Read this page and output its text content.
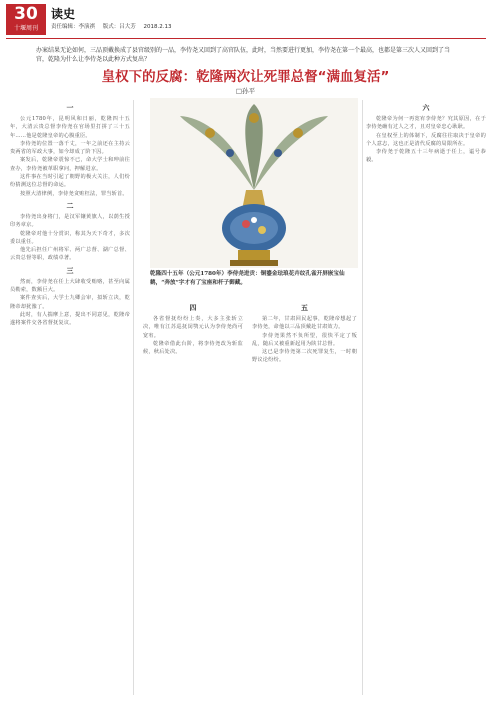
30
十堰周刊
读史
责任编辑：李演祺 版式：吕大芳 2018.2.13
办案结果无论如何，三品顶戴换成了县官级别的一品，李侍尧又回到了高官队伍，此时，当然要进行更加，李侍尧在第一个最高，也都是第三次人又回到了当官，乾隆为什么让李侍尧以此种方式复出？
皇权下的反腐：乾隆两次让死罪总督“满血复活”
□孙平
一

公元1780年，昆明风和日丽，乾隆四十五年，大清云贵总督李侍尧在官场里打拼了三十五年……他是乾隆皇帝的心腹重臣。

李侍尧的位置一落千丈，一年之前还在主持云贵两省的军政大事，如今却成了阶下囚。

案发后，乾隆帝震惊不已，命大学士和珅前往查办，李侍尧被革职拿问，押解进京。

这件事在当时引起了朝野的极大关注，人们纷纷猜测这位总督的命运。

按照大清律例，李侍尧贪赃枉法，罪当斩首。

二

李侍尧出身将门，是汉军镶黄旗人，以荫生授印务章京。

乾隆帝对他十分赏识，称其为天下奇才，多次委以重任。

他先后担任广州将军、两广总督、湖广总督、云贵总督等职，政绩卓著。

三

然而，李侍尧在任上大肆收受贿赂，甚至向属员勒索，数额巨大。

案件查实后，大学士九卿会审，拟斩立决，乾隆帝却犹豫了。

此时，有人揣摩上意，提出不同意见，乾隆帝遂将案件交各省督抚复议。

乾隆四十五年（公元1780年）李侍尧进贡：铜鎏金珐琅花卉纹孔雀开屏嵌宝仙鹤，“奔放”字才有了宝座和杆子御藏。
四

各省督抚纷纷上奏，大多主张斩立决，唯有江苏巡抚闵鹗元认为李侍尧尚可宽宥。

乾隆帝借此台阶，将李侍尧改为斩监候，秋后处决。

五

第二年，甘肃回民起事，乾隆帝想起了李侍尧，命他以三品顶戴赴甘肃效力。

李侍尧果然不负所望，很快平定了叛乱，随后又被重新起用为陕甘总督。

这已是李侍尧第二次死罪复生，一时朝野议论纷纷。

六

乾隆帝为何一再宽宥李侍尧？究其原因，在于李侍尧确有过人之才，且对皇帝忠心耿耿。

在皇权至上的体制下，反腐往往取决于皇帝的个人意志，这也正是清代反腐的局限所在。

李侍尧于乾隆五十三年病逝于任上，谥号恭毅。
